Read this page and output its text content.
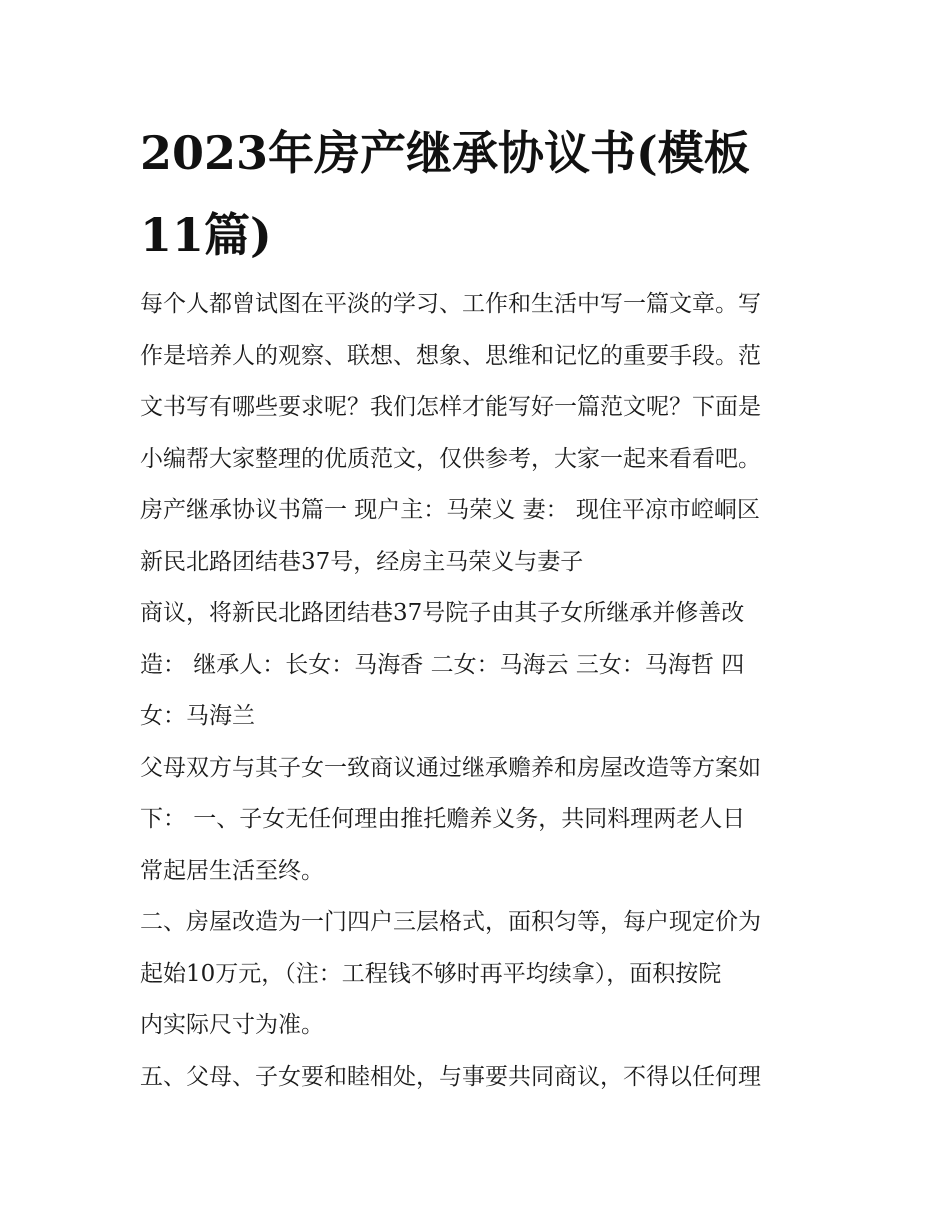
2023年房产继承协议书(模板
11篇)

每个人都曾试图在平淡的学习、工作和生活中写一篇文章。写

作是培养人的观察、联想、想象、思维和记忆的重要手段。范

文书写有哪些要求呢？我们怎样才能写好一篇范文呢？下面是

小编帮大家整理的优质范文，仅供参考，大家一起来看看吧。

房产继承协议书篇一 现户主：马荣义 妻： 现住平凉市崆峒区

新民北路团结巷37号，经房主马荣义与妻子

商议，将新民北路团结巷37号院子由其子女所继承并修善改

造： 继承人：长女：马海香 二女：马海云 三女：马海哲 四

女：马海兰

父母双方与其子女一致商议通过继承赡养和房屋改造等方案如

下： 一、子女无任何理由推托赡养义务，共同料理两老人日

常起居生活至终。

二、房屋改造为一门四户三层格式，面积匀等，每户现定价为

起始10万元，（注：工程钱不够时再平均续拿），面积按院

内实际尺寸为准。

五、父母、子女要和睦相处，与事要共同商议，不得以任何理
